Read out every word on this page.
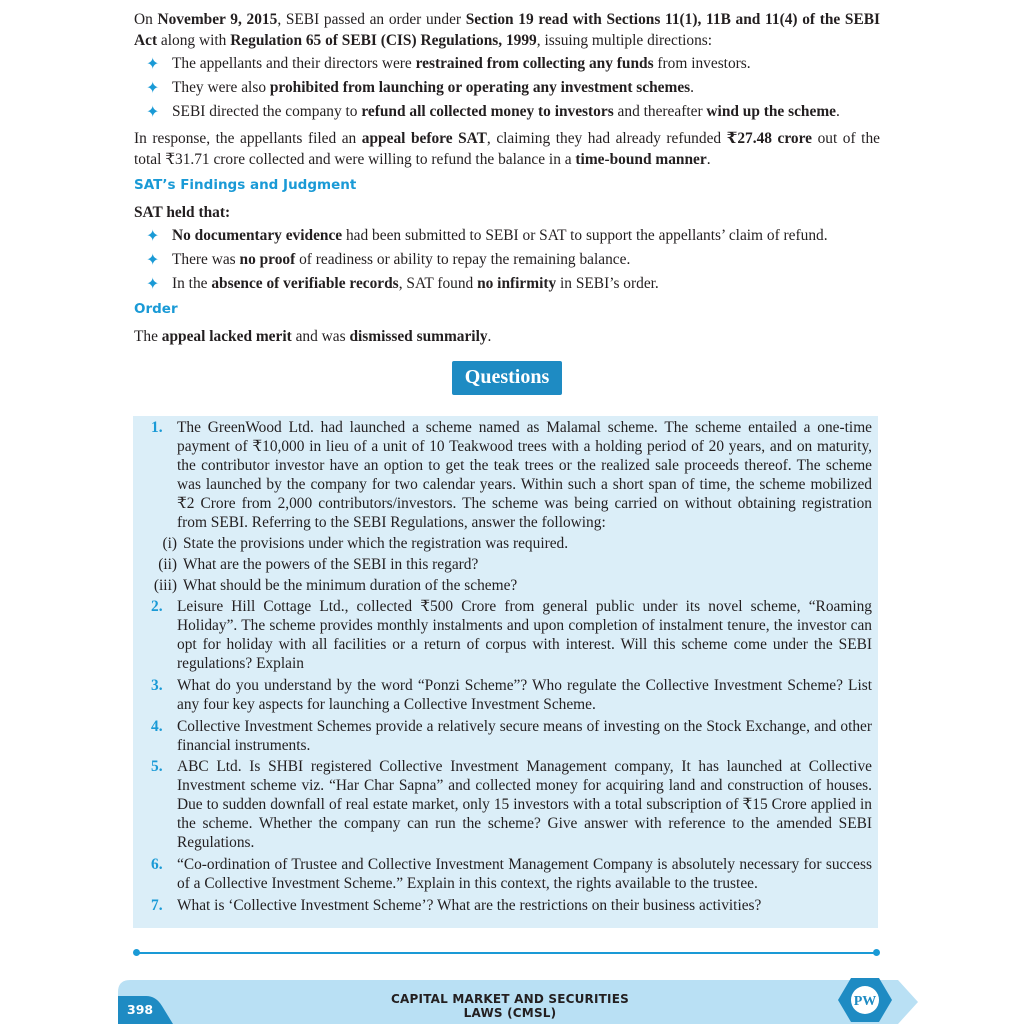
On November 9, 2015, SEBI passed an order under Section 19 read with Sections 11(1), 11B and 11(4) of the SEBI Act along with Regulation 65 of SEBI (CIS) Regulations, 1999, issuing multiple directions:

✦ The appellants and their directors were restrained from collecting any funds from investors.
✦ They were also prohibited from launching or operating any investment schemes.
✦ SEBI directed the company to refund all collected money to investors and thereafter wind up the scheme.

In response, the appellants filed an appeal before SAT, claiming they had already refunded ₹27.48 crore out of the total ₹31.71 crore collected and were willing to refund the balance in a time-bound manner.

SAT’s Findings and Judgment

SAT held that:

✦ No documentary evidence had been submitted to SEBI or SAT to support the appellants’ claim of refund.
✦ There was no proof of readiness or ability to repay the remaining balance.
✦ In the absence of verifiable records, SAT found no infirmity in SEBI’s order.
Order

The appeal lacked merit and was dismissed summarily.

Questions
1. The GreenWood Ltd. had launched a scheme named as Malamal scheme. The scheme entailed a one-time payment of ₹10,000 in lieu of a unit of 10 Teakwood trees with a holding period of 20 years, and on maturity, the contributor investor have an option to get the teak trees or the realized sale proceeds thereof. The scheme was launched by the company for two calendar years. Within such a short span of time, the scheme mobilized ₹2 Crore from 2,000 contributors/investors. The scheme was being carried on without obtaining registration from SEBI. Referring to the SEBI Regulations, answer the following:
(i) State the provisions under which the registration was required.
(ii) What are the powers of the SEBI in this regard?
(iii) What should be the minimum duration of the scheme?
2. Leisure Hill Cottage Ltd., collected ₹500 Crore from general public under its novel scheme, “Roaming Holiday”. The scheme provides monthly instalments and upon completion of instalment tenure, the investor can opt for holiday with all facilities or a return of corpus with interest. Will this scheme come under the SEBI regulations? Explain
3. What do you understand by the word “Ponzi Scheme”? Who regulate the Collective Investment Scheme? List any four key aspects for launching a Collective Investment Scheme.
4. Collective Investment Schemes provide a relatively secure means of investing on the Stock Exchange, and other financial instruments.
5. ABC Ltd. Is SHBI registered Collective Investment Management company, It has launched at Collective Investment scheme viz. “Har Char Sapna” and collected money for acquiring land and construction of houses. Due to sudden downfall of real estate market, only 15 investors with a total subscription of ₹15 Crore applied in the scheme. Whether the company can run the scheme? Give answer with reference to the amended SEBI Regulations.
6. “Co-ordination of Trustee and Collective Investment Management Company is absolutely necessary for success of a Collective Investment Scheme.” Explain in this context, the rights available to the trustee.
7. What is ‘Collective Investment Scheme’? What are the restrictions on their business activities?
398
CAPITAL MARKET AND SECURITIES LAWS (CMSL)
PW
